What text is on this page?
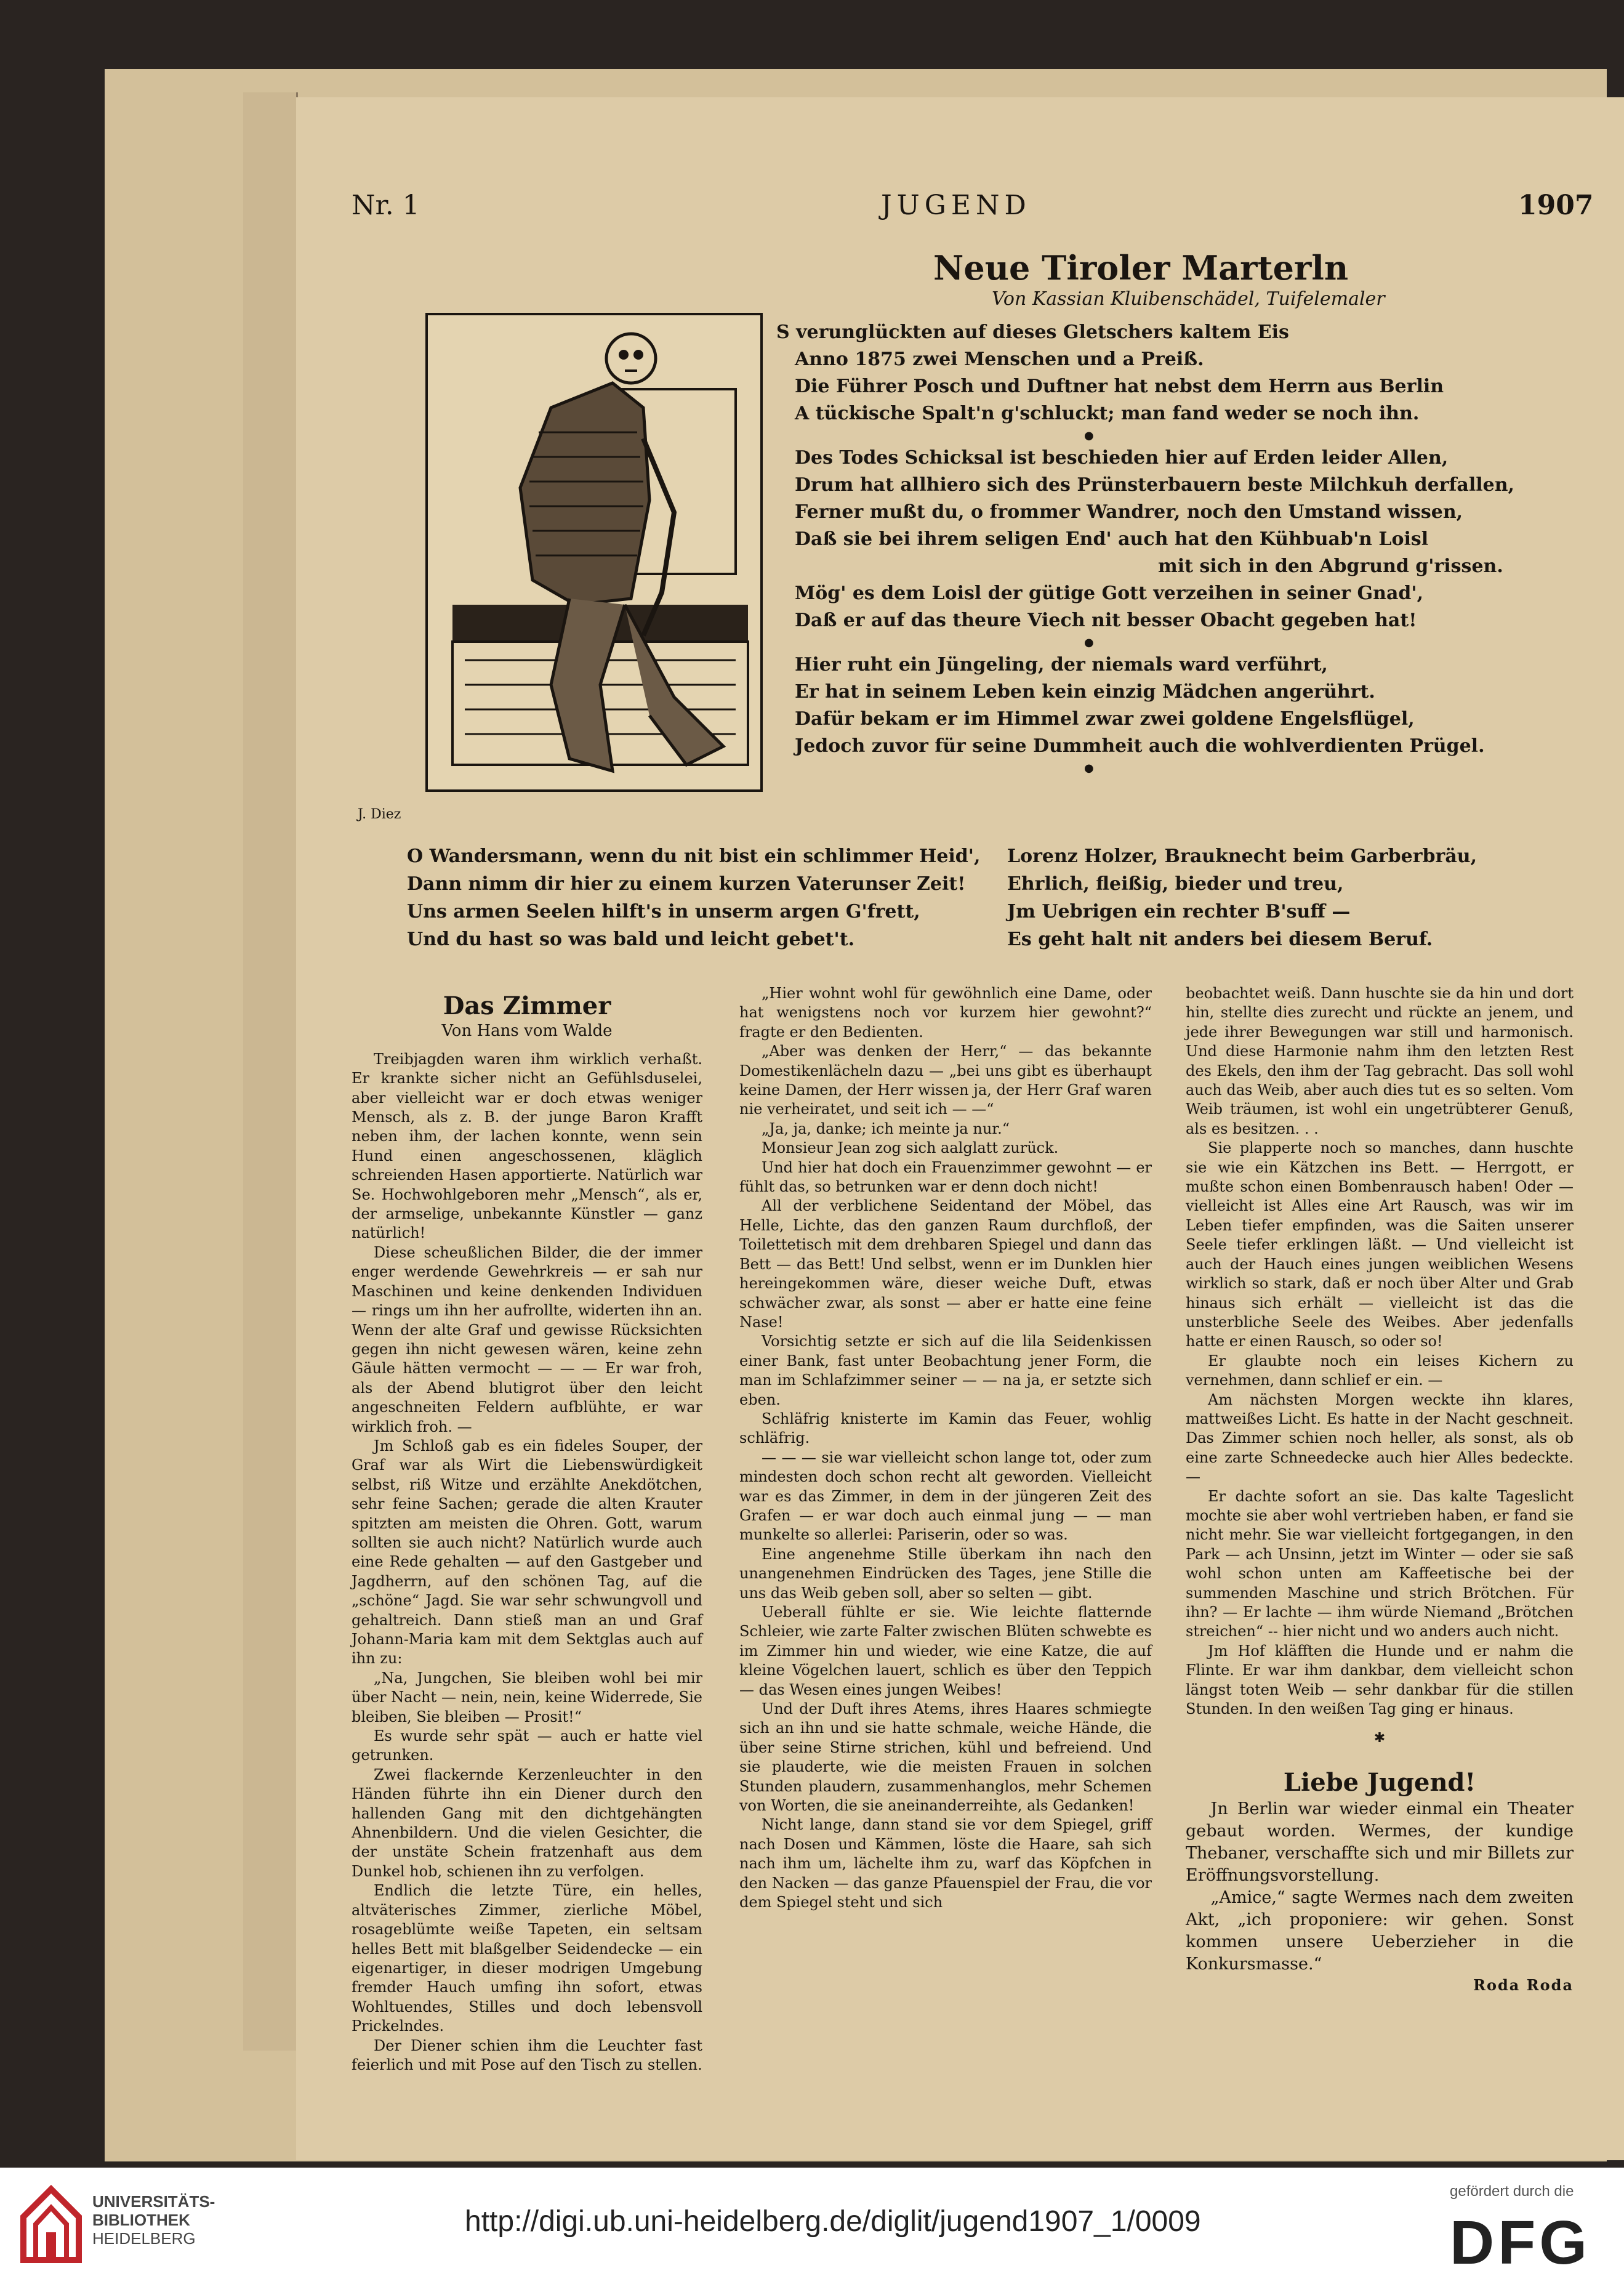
Nr. 1	JUGEND	1907
Neue Tiroler Marterln
Von Kassian Kluibenschädel, Tuifelemaler
J. Diez
S verunglückten auf dieses Gletschers kaltem Eis
Anno 1875 zwei Menschen und a Preiß.
Die Führer Posch und Duftner hat nebst dem Herrn aus Berlin
A tückische Spalt'n g'schluckt; man fand weder se noch ihn.
●
Des Todes Schicksal ist beschieden hier auf Erden leider Allen,
Drum hat allhiero sich des Prünsterbauern beste Milchkuh derfallen,
Ferner mußt du, o frommer Wandrer, noch den Umstand wissen,
Daß sie bei ihrem seligen End' auch hat den Kühbuab'n Loisl
mit sich in den Abgrund g'rissen.
Mög' es dem Loisl der gütige Gott verzeihen in seiner Gnad',
Daß er auf das theure Viech nit besser Obacht gegeben hat!
●
Hier ruht ein Jüngeling, der niemals ward verführt,
Er hat in seinem Leben kein einzig Mädchen angerührt.
Dafür bekam er im Himmel zwar zwei goldene Engelsflügel,
Jedoch zuvor für seine Dummheit auch die wohlverdienten Prügel.
●
O Wandersmann, wenn du nit bist ein schlimmer Heid',
Dann nimm dir hier zu einem kurzen Vaterunser Zeit!
Uns armen Seelen hilft's in unserm argen G'frett,
Und du hast so was bald und leicht gebet't.
Lorenz Holzer, Brauknecht beim Garberbräu,
Ehrlich, fleißig, bieder und treu,
Jm Uebrigen ein rechter B'suff —
Es geht halt nit anders bei diesem Beruf.
Das Zimmer
Von Hans vom Walde

Treibjagden waren ihm wirklich verhaßt. Er krankte sicher nicht an Gefühlsduselei, aber vielleicht war er doch etwas weniger Mensch, als z. B. der junge Baron Krafft neben ihm, der lachen konnte, wenn sein Hund einen angeschossenen, kläglich schreienden Hasen apportierte. Natürlich war Se. Hochwohlgeboren mehr „Mensch“, als er, der armselige, unbekannte Künstler — ganz natürlich!

Diese scheußlichen Bilder, die der immer enger werdende Gewehrkreis — er sah nur Maschinen und keine denkenden Individuen — rings um ihn her aufrollte, widerten ihn an. Wenn der alte Graf und gewisse Rücksichten gegen ihn nicht gewesen wären, keine zehn Gäule hätten vermocht — — — Er war froh, als der Abend blutigrot über den leicht angeschneiten Feldern aufblühte, er war wirklich froh. —

Jm Schloß gab es ein fideles Souper, der Graf war als Wirt die Liebenswürdigkeit selbst, riß Witze und erzählte Anekdötchen, sehr feine Sachen; gerade die alten Krauter spitzten am meisten die Ohren. Gott, warum sollten sie auch nicht? Natürlich wurde auch eine Rede gehalten — auf den Gastgeber und Jagdherrn, auf den schönen Tag, auf die „schöne“ Jagd. Sie war sehr schwungvoll und gehaltreich. Dann stieß man an und Graf Johann-Maria kam mit dem Sektglas auch auf ihn zu:

„Na, Jungchen, Sie bleiben wohl bei mir über Nacht — nein, nein, keine Widerrede, Sie bleiben, Sie bleiben — Prosit!“

Es wurde sehr spät — auch er hatte viel getrunken.

Zwei flackernde Kerzenleuchter in den Händen führte ihn ein Diener durch den hallenden Gang mit den dichtgehängten Ahnenbildern. Und die vielen Gesichter, die der unstäte Schein fratzenhaft aus dem Dunkel hob, schienen ihn zu verfolgen.

Endlich die letzte Türe, ein helles, altväterisches Zimmer, zierliche Möbel, rosageblümte weiße Tapeten, ein seltsam helles Bett mit blaßgelber Seidendecke — ein eigenartiger, in dieser modrigen Umgebung fremder Hauch umfing ihn sofort, etwas Wohltuendes, Stilles und doch lebensvoll Prickelndes.

Der Diener schien ihm die Leuchter fast feierlich und mit Pose auf den Tisch zu stellen.

„Hier wohnt wohl für gewöhnlich eine Dame, oder hat wenigstens noch vor kurzem hier gewohnt?“ fragte er den Bedienten.

„Aber was denken der Herr,“ — das bekannte Domestikenlächeln dazu — „bei uns gibt es überhaupt keine Damen, der Herr wissen ja, der Herr Graf waren nie verheiratet, und seit ich — —“

„Ja, ja, danke; ich meinte ja nur.“

Monsieur Jean zog sich aalglatt zurück.

Und hier hat doch ein Frauenzimmer gewohnt — er fühlt das, so betrunken war er denn doch nicht!

All der verblichene Seidentand der Möbel, das Helle, Lichte, das den ganzen Raum durchfloß, der Toilettetisch mit dem drehbaren Spiegel und dann das Bett — das Bett! Und selbst, wenn er im Dunklen hier hereingekommen wäre, dieser weiche Duft, etwas schwächer zwar, als sonst — aber er hatte eine feine Nase!

Vorsichtig setzte er sich auf die lila Seidenkissen einer Bank, fast unter Beobachtung jener Form, die man im Schlafzimmer seiner — — na ja, er setzte sich eben.

Schläfrig knisterte im Kamin das Feuer, wohlig schläfrig.

— — — sie war vielleicht schon lange tot, oder zum mindesten doch schon recht alt geworden. Vielleicht war es das Zimmer, in dem in der jüngeren Zeit des Grafen — er war doch auch einmal jung — — man munkelte so allerlei: Pariserin, oder so was.

Eine angenehme Stille überkam ihn nach den unangenehmen Eindrücken des Tages, jene Stille die uns das Weib geben soll, aber so selten — gibt.

Ueberall fühlte er sie. Wie leichte flatternde Schleier, wie zarte Falter zwischen Blüten schwebte es im Zimmer hin und wieder, wie eine Katze, die auf kleine Vögelchen lauert, schlich es über den Teppich — das Wesen eines jungen Weibes!

Und der Duft ihres Atems, ihres Haares schmiegte sich an ihn und sie hatte schmale, weiche Hände, die über seine Stirne strichen, kühl und befreiend. Und sie plauderte, wie die meisten Frauen in solchen Stunden plaudern, zusammenhanglos, mehr Schemen von Worten, die sie aneinanderreihte, als Gedanken!

Nicht lange, dann stand sie vor dem Spiegel, griff nach Dosen und Kämmen, löste die Haare, sah sich nach ihm um, lächelte ihm zu, warf das Köpfchen in den Nacken — das ganze Pfauenspiel der Frau, die vor dem Spiegel steht und sich

beobachtet weiß. Dann huschte sie da hin und dort hin, stellte dies zurecht und rückte an jenem, und jede ihrer Bewegungen war still und harmonisch. Und diese Harmonie nahm ihm den letzten Rest des Ekels, den ihm der Tag gebracht. Das soll wohl auch das Weib, aber auch dies tut es so selten. Vom Weib träumen, ist wohl ein ungetrübterer Genuß, als es besitzen. . .

Sie plapperte noch so manches, dann huschte sie wie ein Kätzchen ins Bett. — Herrgott, er mußte schon einen Bombenrausch haben! Oder — vielleicht ist Alles eine Art Rausch, was wir im Leben tiefer empfinden, was die Saiten unserer Seele tiefer erklingen läßt. — Und vielleicht ist auch der Hauch eines jungen weiblichen Wesens wirklich so stark, daß er noch über Alter und Grab hinaus sich erhält — vielleicht ist das die unsterbliche Seele des Weibes. Aber jedenfalls hatte er einen Rausch, so oder so!

Er glaubte noch ein leises Kichern zu vernehmen, dann schlief er ein. —

Am nächsten Morgen weckte ihn klares, mattweißes Licht. Es hatte in der Nacht geschneit. Das Zimmer schien noch heller, als sonst, als ob eine zarte Schneedecke auch hier Alles bedeckte. —

Er dachte sofort an sie. Das kalte Tageslicht mochte sie aber wohl vertrieben haben, er fand sie nicht mehr. Sie war vielleicht fortgegangen, in den Park — ach Unsinn, jetzt im Winter — oder sie saß wohl schon unten am Kaffeetische bei der summenden Maschine und strich Brötchen. Für ihn? — Er lachte — ihm würde Niemand „Brötchen streichen“ -- hier nicht und wo anders auch nicht.

Jm Hof kläfften die Hunde und er nahm die Flinte. Er war ihm dankbar, dem vielleicht schon längst toten Weib — sehr dankbar für die stillen Stunden. In den weißen Tag ging er hinaus.

✱
Liebe Jugend!

Jn Berlin war wieder einmal ein Theater gebaut worden. Wermes, der kundige Thebaner, verschaffte sich und mir Billets zur Eröffnungsvorstellung.

„Amice,“ sagte Wermes nach dem zweiten Akt, „ich proponiere: wir gehen. Sonst kommen unsere Ueberzieher in die Konkursmasse.“

Roda Roda
UNIVERSITÄTS-
BIBLIOTHEK
HEIDELBERG
http://digi.ub.uni-heidelberg.de/diglit/jugend1907_1/0009
gefördert durch die
DFG
